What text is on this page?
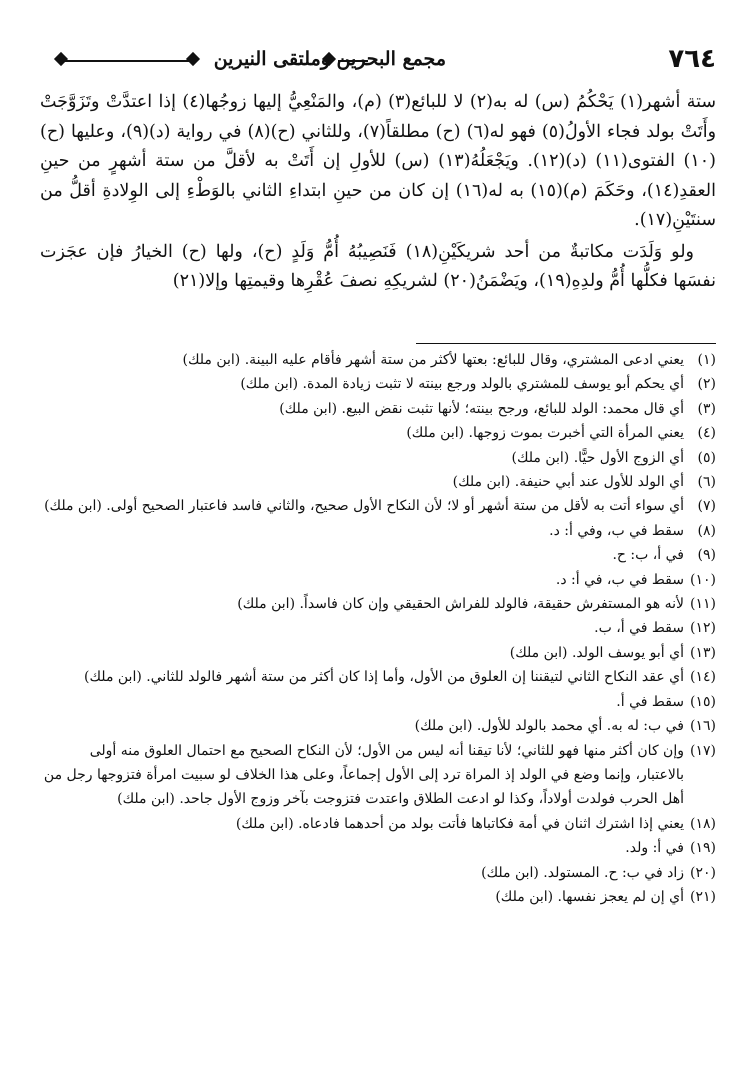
٧٦٤
مجمع البحرين وملتقى النيرين

ستة أشهر(١) يَحْكُمُ (س) له به(٢) لا للبائع(٣) (م)، والمَنْعِيُّ إليها زوجُها(٤) إذا اعتدَّتْ وتَزَوَّجَتْ وأَتَتْ بولد فجاء الأولُ(٥) فهو له(٦) (ح) مطلقاً(٧)، وللثاني (ح)(٨) في رواية (د)(٩)، وعليها (ح)(١٠) الفتوى(١١) (د)(١٢). ويَجْعَلُهُ(١٣) (س) للأولِ إن أَتَتْ به لأقلَّ من ستة أشهرٍ من حينِ العقدِ(١٤)، وحَكَمَ (م)(١٥) به له(١٦) إن كان من حينِ ابتداءِ الثاني بالوَطْءِ إلى الوِلادةِ أقلُّ من سنتَيْنِ(١٧).

ولو وَلَدَت مكاتبةٌ من أحد شريكَيْنِ(١٨) فَنَصِيبُهُ أُمُّ وَلَدٍ (ح)، ولها (ح) الخيارُ فإن عجَزت نفسَها فكلُّها أُمُّ ولدِهِ(١٩)، ويَضْمَنُ(٢٠) لشريكِهِ نصفَ عُقْرِها وقيمتِها وإلا(٢١)

(١)
يعني ادعى المشتري، وقال للبائع: بعتها لأكثر من ستة أشهر فأقام عليه البينة. (ابن ملك)
(٢)
أي يحكم أبو يوسف للمشتري بالولد ورجع بينته لا تثبت زيادة المدة. (ابن ملك)
(٣)
أي قال محمد: الولد للبائع، ورجح بينته؛ لأنها تثبت نقض البيع. (ابن ملك)
(٤)
يعني المرأة التي أخبرت بموت زوجها. (ابن ملك)
(٥)
أي الزوج الأول حيًّا. (ابن ملك)
(٦)
أي الولد للأول عند أبي حنيفة. (ابن ملك)
(٧)
أي سواء أتت به لأقل من ستة أشهر أو لا؛ لأن النكاح الأول صحيح، والثاني فاسد فاعتبار الصحيح أولى. (ابن ملك)
(٨)
سقط في ب، وفي أ: د.
(٩)
في أ، ب: ح.
(١٠)
سقط في ب، في أ: د.
(١١)
لأنه هو المستفرش حقيقة، فالولد للفراش الحقيقي وإن كان فاسداً. (ابن ملك)
(١٢)
سقط في أ، ب.
(١٣)
أي أبو يوسف الولد. (ابن ملك)
(١٤)
أي عقد النكاح الثاني لتيقننا إن العلوق من الأول، وأما إذا كان أكثر من ستة أشهر فالولد للثاني. (ابن ملك)
(١٥)
سقط في أ.
(١٦)
في ب: له به. أي محمد بالولد للأول. (ابن ملك)
(١٧)
وإن كان أكثر منها فهو للثاني؛ لأنا تيقنا أنه ليس من الأول؛ لأن النكاح الصحيح مع احتمال العلوق منه أولى بالاعتبار، وإنما وضع في الولد إذ المراة ترد إلى الأول إجماعاً، وعلى هذا الخلاف لو سبيت امرأة فتزوجها رجل من أهل الحرب فولدت أولاداً، وكذا لو ادعت الطلاق واعتدت فتزوجت بآخر وزوج الأول جاحد. (ابن ملك)
(١٨)
يعني إذا اشترك اثنان في أمة فكاتباها فأتت بولد من أحدهما فادعاه. (ابن ملك)
(١٩)
في أ: ولد.
(٢٠)
زاد في ب: ح. المستولد. (ابن ملك)
(٢١)
أي إن لم يعجز نفسها. (ابن ملك)
